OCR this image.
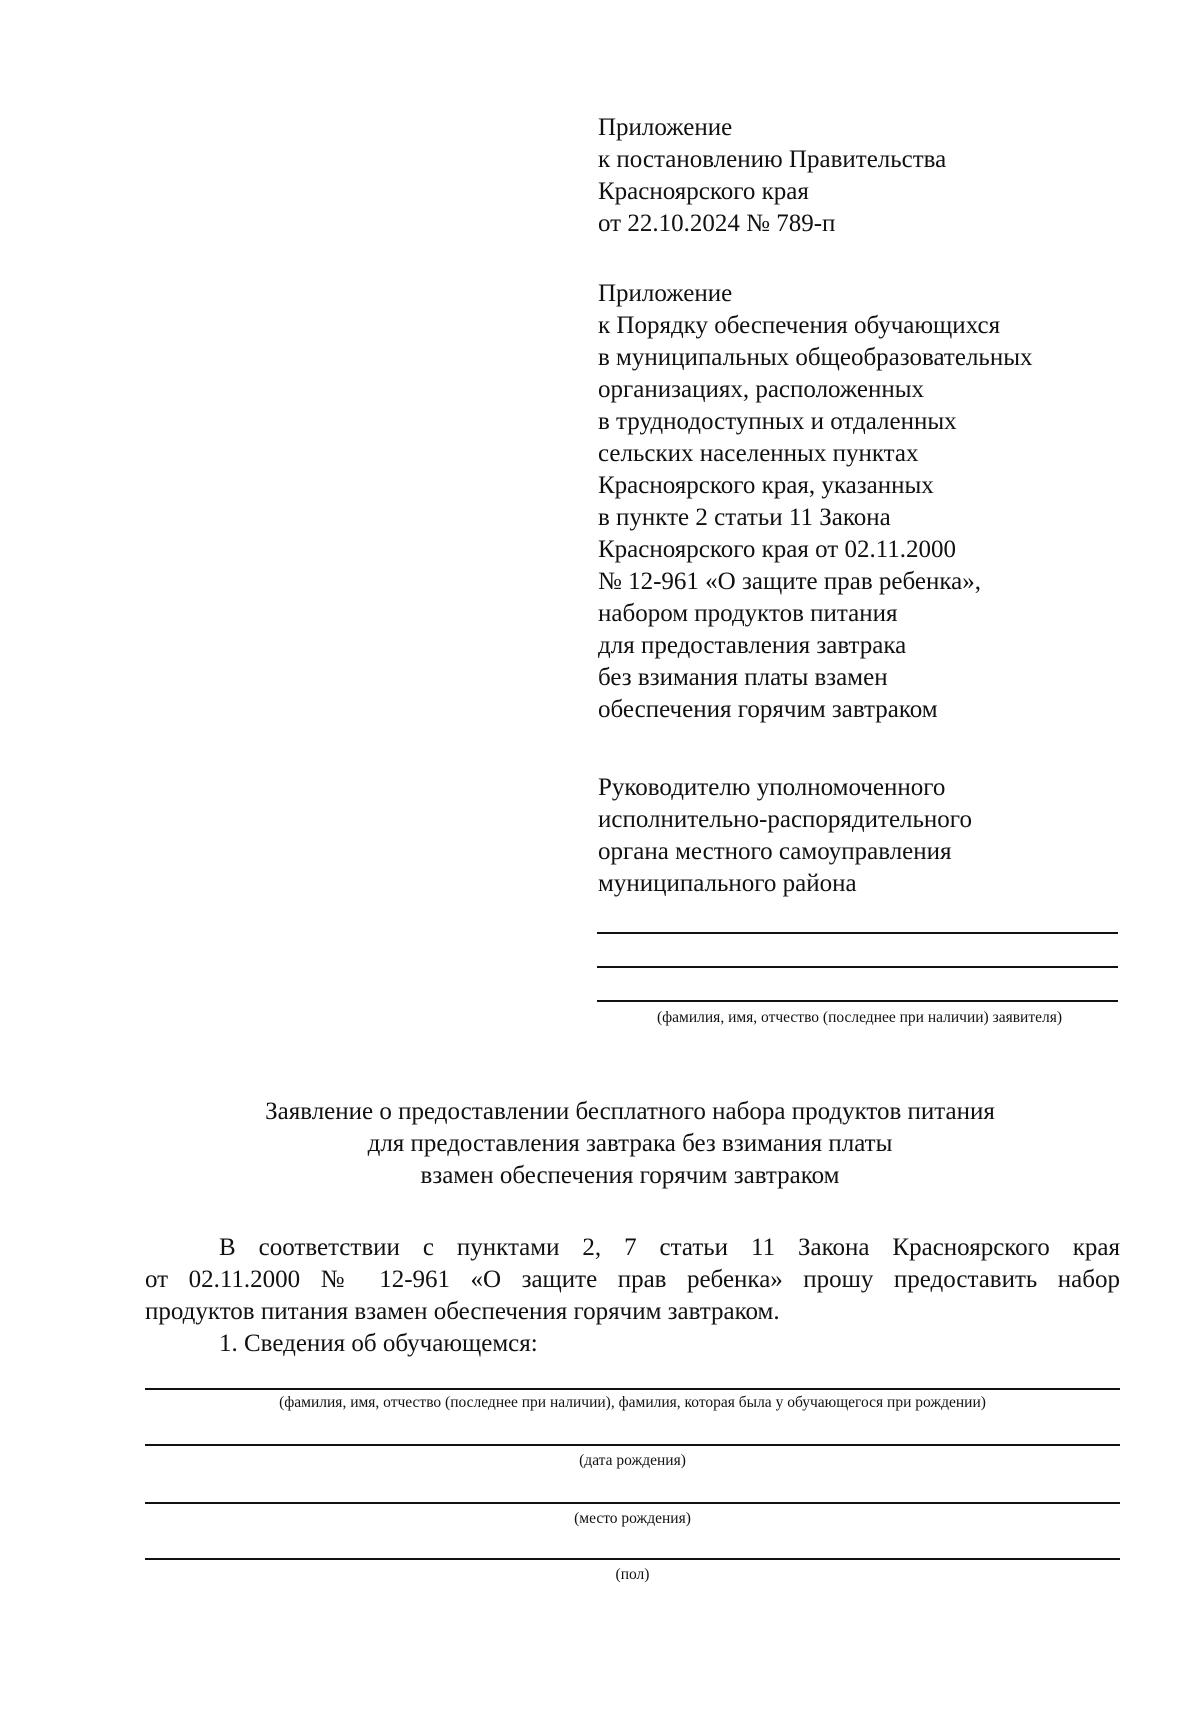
Приложение
к постановлению Правительства
Красноярского края
от 22.10.2024 № 789-п
Приложение
к Порядку обеспечения обучающихся
в муниципальных общеобразовательных
организациях, расположенных
в труднодоступных и отдаленных
сельских населенных пунктах
Красноярского края, указанных
в пункте 2 статьи 11 Закона
Красноярского края от 02.11.2000
№ 12-961 «О защите прав ребенка»,
набором продуктов питания
для предоставления завтрака
без взимания платы взамен
обеспечения горячим завтраком
Руководителю уполномоченного
исполнительно-распорядительного
органа местного самоуправления
муниципального района
(фамилия, имя, отчество (последнее при наличии) заявителя)
Заявление о предоставлении бесплатного набора продуктов питания
для предоставления завтрака без взимания платы
взамен обеспечения горячим завтраком
В соответствии с пунктами 2, 7 статьи 11 Закона Красноярского края
от 02.11.2000 № 12-961 «О защите прав ребенка» прошу предоставить набор
продуктов питания взамен обеспечения горячим завтраком.
1. Сведения об обучающемся:
(фамилия, имя, отчество (последнее при наличии), фамилия, которая была у обучающегося при рождении)
(дата рождения)
(место рождения)
(пол)
